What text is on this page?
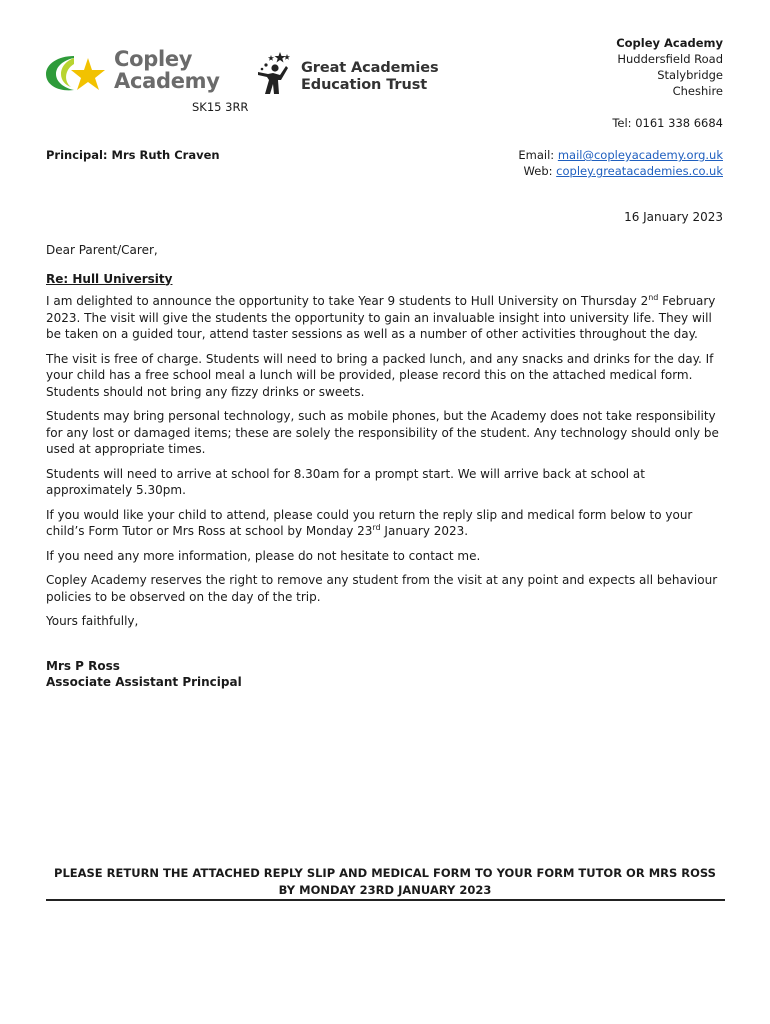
Copley
Academy
Great Academies
Education Trust
SK15 3RR
Copley Academy
Huddersfield Road
Stalybridge
Cheshire
Tel: 0161 338 6684
Principal: Mrs Ruth Craven	Email: mail@copleyacademy.org.uk
Web: copley.greatacademies.co.uk
16 January 2023

Dear Parent/Carer,

Re: Hull University

I am delighted to announce the opportunity to take Year 9 students to Hull University on Thursday 2nd February 2023. The visit will give the students the opportunity to gain an invaluable insight into university life. They will be taken on a guided tour, attend taster sessions as well as a number of other activities throughout the day.

The visit is free of charge. Students will need to bring a packed lunch, and any snacks and drinks for the day. If your child has a free school meal a lunch will be provided, please record this on the attached medical form. Students should not bring any fizzy drinks or sweets.

Students may bring personal technology, such as mobile phones, but the Academy does not take responsibility for any lost or damaged items; these are solely the responsibility of the student. Any technology should only be used at appropriate times.

Students will need to arrive at school for 8.30am for a prompt start. We will arrive back at school at approximately 5.30pm.

If you would like your child to attend, please could you return the reply slip and medical form below to your child’s Form Tutor or Mrs Ross at school by Monday 23rd January 2023.

If you need any more information, please do not hesitate to contact me.

Copley Academy reserves the right to remove any student from the visit at any point and expects all behaviour policies to be observed on the day of the trip.

Yours faithfully,

Mrs P Ross

Associate Assistant Principal

PLEASE RETURN THE ATTACHED REPLY SLIP AND MEDICAL FORM TO YOUR FORM TUTOR OR MRS ROSS BY MONDAY 23RD JANUARY 2023
